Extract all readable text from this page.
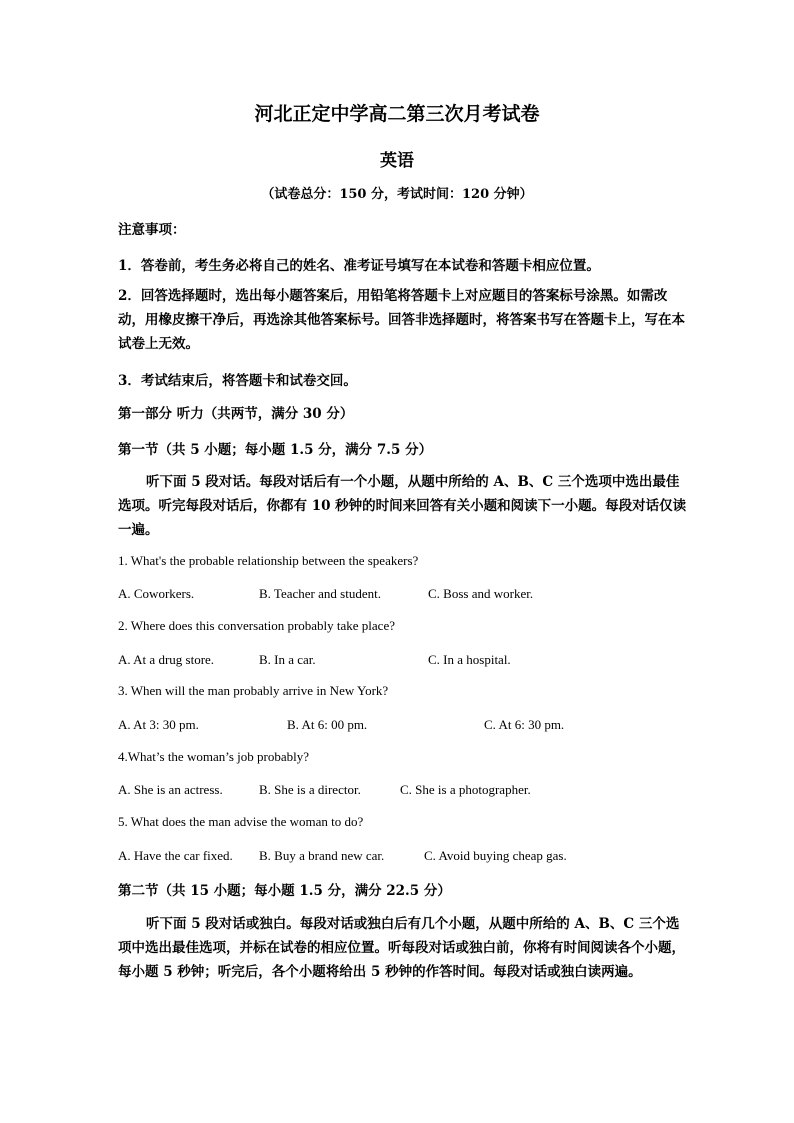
河北正定中学高二第三次月考试卷
英语
（试卷总分：150 分，考试时间：120 分钟）
注意事项：
1．答卷前，考生务必将自己的姓名、准考证号填写在本试卷和答题卡相应位置。
2．回答选择题时，选出每小题答案后，用铅笔将答题卡上对应题目的答案标号涂黑。如需改动，用橡皮擦干净后，再选涂其他答案标号。回答非选择题时，将答案书写在答题卡上，写在本试卷上无效。
3．考试结束后，将答题卡和试卷交回。
第一部分 听力（共两节，满分 30 分）
第一节（共 5 小题；每小题 1.5 分，满分 7.5 分）
听下面 5 段对话。每段对话后有一个小题，从题中所给的 A、B、C 三个选项中选出最佳选项。听完每段对话后，你都有 10 秒钟的时间来回答有关小题和阅读下一小题。每段对话仅读一遍。
1. What's the probable relationship between the speakers?
A. Coworkers.	B. Teacher and student.	C. Boss and worker.
2. Where does this conversation probably take place?
A. At a drug store.	B. In a car.	C. In a hospital.
3. When will the man probably arrive in New York?
A. At 3: 30 pm.	B. At 6: 00 pm.	C. At 6: 30 pm.
4.What’s the woman’s job probably?
A. She is an actress.	B. She is a director.	C. She is a photographer.
5. What does the man advise the woman to do?
A. Have the car fixed. B. Buy a brand new car.	C. Avoid buying cheap gas.
第二节（共 15 小题；每小题 1.5 分，满分 22.5 分）
听下面 5 段对话或独白。每段对话或独白后有几个小题，从题中所给的 A、B、C 三个选项中选出最佳选项，并标在试卷的相应位置。听每段对话或独白前，你将有时间阅读各个小题，每小题 5 秒钟；听完后，各个小题将给出 5 秒钟的作答时间。每段对话或独白读两遍。
